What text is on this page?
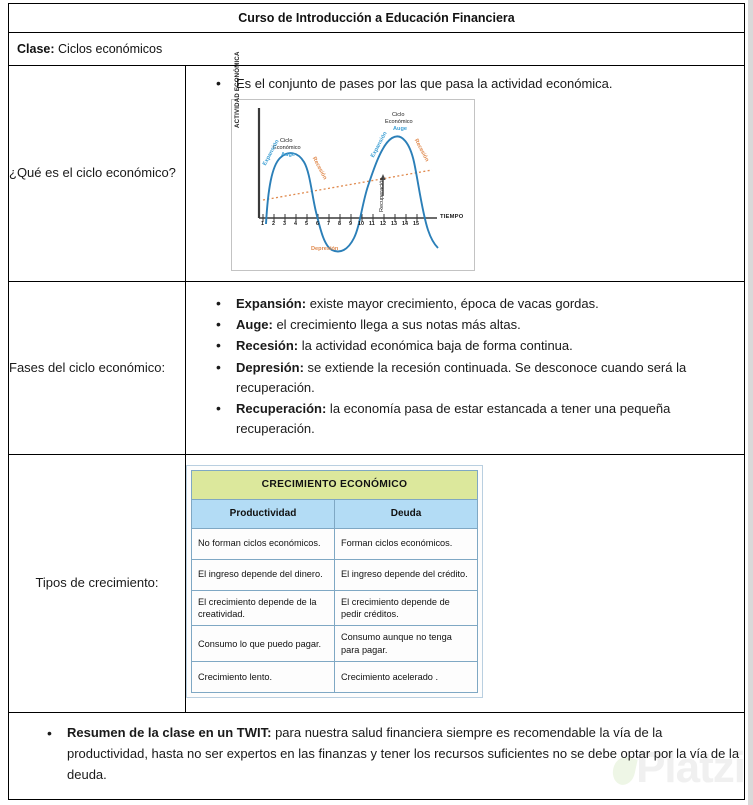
Platzi
Curso de Introducción a Educación Financiera
Clase: Ciclos económicos
¿Qué es el ciclo económico?	
• Es el conjunto de pases por las que pasa la actividad económica.
ACTIVIDAD ECONÓMICA
1 2 3 4 5 6 7 8 9 10 11 12 13 14 15
TIEMPO
Ciclo
Económico
Auge
Expansión
Recesión
Depresión
Ciclo
Económico
Auge
Expansión	Recesión
Recuperación

Fases del ciclo económico:	
• Expansión: existe mayor crecimiento, época de vacas gordas.
• Auge: el crecimiento llega a sus notas más altas.
• Recesión: la actividad económica baja de forma continua.
• Depresión: se extiende la recesión continuada. Se desconoce cuando será la recuperación.
• Recuperación: la economía pasa de estar estancada a tener una pequeña recuperación.

Tipos de crecimiento:	
CRECIMIENTO ECONÓMICO
Productividad	Deuda
No forman ciclos económicos.	Forman ciclos económicos.
El ingreso depende del dinero.	El ingreso depende del crédito.
El crecimiento depende de la creatividad.	El crecimiento depende de pedir créditos.
Consumo lo que puedo pagar.	Consumo aunque no tenga para pagar.
Crecimiento lento.	Crecimiento acelerado .

• Resumen de la clase en un TWIT: para nuestra salud financiera siempre es recomendable la vía de la productividad, hasta no ser expertos en las finanzas y tener los recursos suficientes no se debe optar por la vía de la deuda.
